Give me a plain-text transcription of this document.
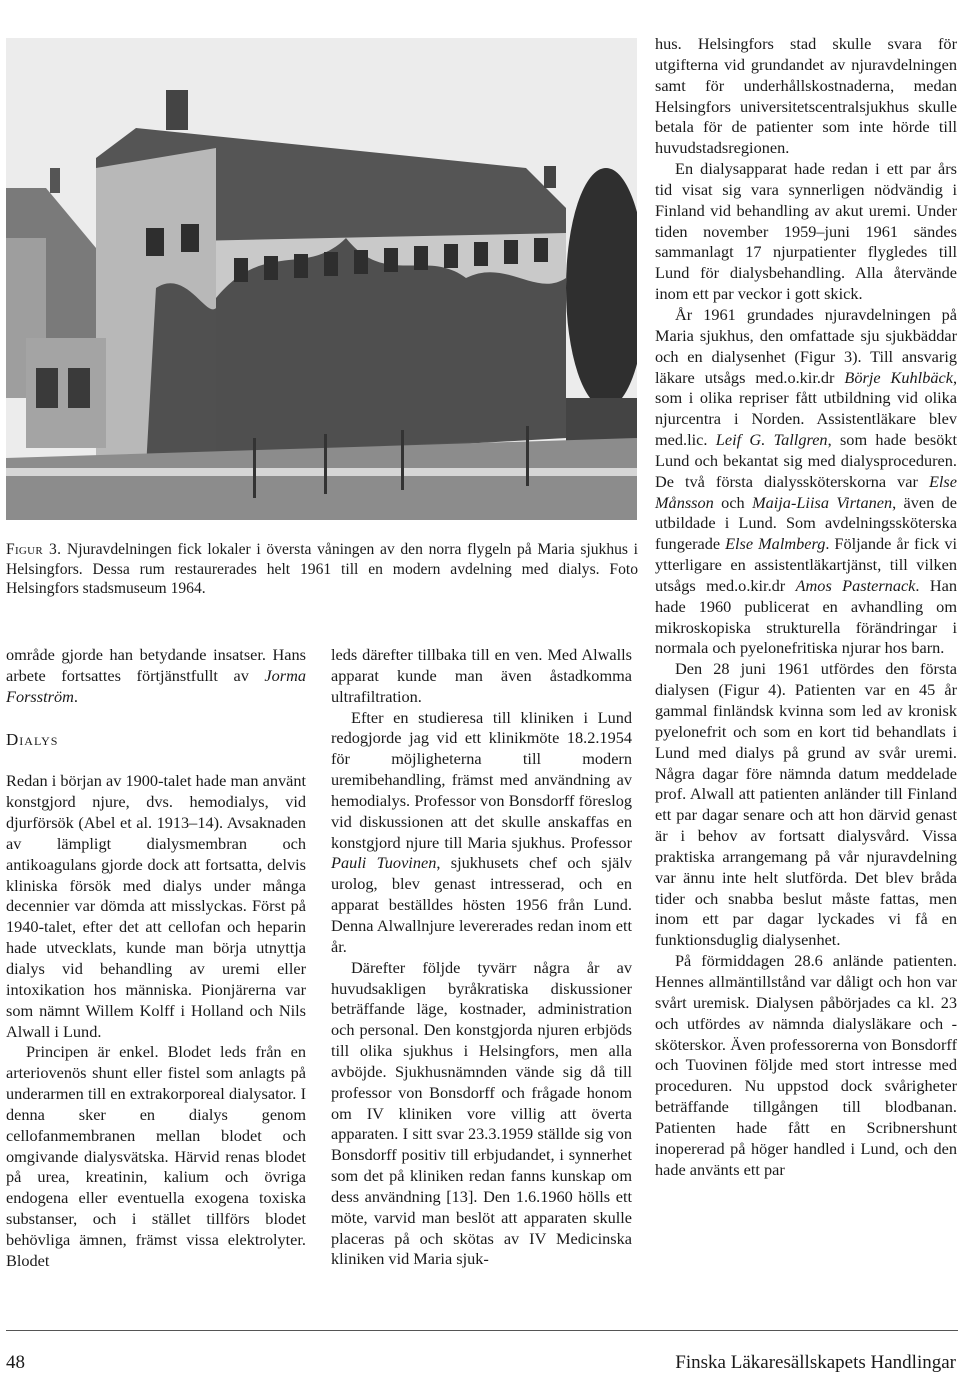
Figur 3. Njuravdelningen fick lokaler i översta våningen av den norra flygeln på Maria sjukhus i Helsingfors. Dessa rum restaurerades helt 1961 till en modern avdelning med dialys. Foto Helsingfors stadsmuseum 1964.

område gjorde han betydande insatser. Hans arbete fortsattes förtjänstfullt av Jorma Forsström.

Dialys

Redan i början av 1900-talet hade man använt konstgjord njure, dvs. hemodialys, vid djurförsök (Abel et al. 1913–14). Avsaknaden av lämpligt dialysmembran och antikoagulans gjorde dock att fortsatta, delvis kliniska försök med dialys under många decennier var dömda att misslyckas. Först på 1940-talet, efter det att cellofan och heparin hade utvecklats, kunde man börja utnyttja dialys vid behandling av uremi eller intoxikation hos människa. Pionjärerna var som nämnt Willem Kolff i Holland och Nils Alwall i Lund.

Principen är enkel. Blodet leds från en arteriovenös shunt eller fistel som anlagts på underarmen till en extrakorporeal dialysator. I denna sker en dialys genom cellofanmembranen mellan blodet och omgivande dialysvätska. Härvid renas blodet på urea, kreatinin, kalium och övriga endogena eller eventuella exogena toxiska substanser, och i stället tillförs blodet behövliga ämnen, främst vissa elektrolyter. Blodet

leds därefter tillbaka till en ven. Med Alwalls apparat kunde man även åstadkomma ultrafiltration.

Efter en studieresa till kliniken i Lund redogjorde jag vid ett klinikmöte 18.2.1954 för möjligheterna till modern uremibehandling, främst med användning av hemodialys. Professor von Bonsdorff föreslog vid diskussionen att det skulle anskaffas en konstgjord njure till Maria sjukhus. Professor Pauli Tuovinen, sjukhusets chef och själv urolog, blev genast intresserad, och en apparat beställdes hösten 1956 från Lund. Denna Alwallnjure levererades redan inom ett år.

Därefter följde tyvärr några år av huvudsakligen byråkratiska diskussioner beträffande läge, kostnader, administration och personal. Den konstgjorda njuren erbjöds till olika sjukhus i Helsingfors, men alla avböjde. Sjukhusnämnden vände sig då till professor von Bonsdorff och frågade honom om IV kliniken vore villig att överta apparaten. I sitt svar 23.3.1959 ställde sig von Bonsdorff positiv till erbjudandet, i synnerhet som det på kliniken redan fanns kunskap om dess användning [13]. Den 1.6.1960 hölls ett möte, varvid man beslöt att apparaten skulle placeras på och skötas av IV Medicinska kliniken vid Maria sjuk-

hus. Helsingfors stad skulle svara för utgifterna vid grundandet av njuravdelningen samt för underhållskostnaderna, medan Helsingfors universitetscentralsjukhus skulle betala för de patienter som inte hörde till huvudstadsregionen.

En dialysapparat hade redan i ett par års tid visat sig vara synnerligen nödvändig i Finland vid behandling av akut uremi. Under tiden november 1959–juni 1961 sändes sammanlagt 17 njurpatienter flygledes till Lund för dialysbehandling. Alla återvände inom ett par veckor i gott skick.

År 1961 grundades njuravdelningen på Maria sjukhus, den omfattade sju sjukbäddar och en dialysenhet (Figur 3). Till ansvarig läkare utsågs med.o.kir.dr Börje Kuhlbäck, som i olika repriser fått utbildning vid olika njurcentra i Norden. Assistentläkare blev med.lic. Leif G. Tallgren, som hade besökt Lund och bekantat sig med dialysproceduren. De två första dialyssköterskorna var Else Månsson och Maija-Liisa Virtanen, även de utbildade i Lund. Som avdelningssköterska fungerade Else Malmberg. Följande år fick vi ytterligare en assistentläkartjänst, till vilken utsågs med.o.kir.dr Amos Pasternack. Han hade 1960 publicerat en avhandling om mikroskopiska strukturella förändringar i normala och pyelonefritiska njurar hos barn.

Den 28 juni 1961 utfördes den första dialysen (Figur 4). Patienten var en 45 år gammal finländsk kvinna som led av kronisk pyelonefrit och som en kort tid behandlats i Lund med dialys på grund av svår uremi. Några dagar före nämnda datum meddelade prof. Alwall att patienten anländer till Finland ett par dagar senare och att hon därvid genast är i behov av fortsatt dialysvård. Vissa praktiska arrangemang på vår njuravdelning var ännu inte helt slutförda. Det blev bråda tider och snabba beslut måste fattas, men inom ett par dagar lyckades vi få en funktionsduglig dialysenhet.

På förmiddagen 28.6 anlände patienten. Hennes allmäntillstånd var dåligt och hon var svårt uremisk. Dialysen påbörjades ca kl. 23 och utfördes av nämnda dialysläkare och -sköterskor. Även professorerna von Bonsdorff och Tuovinen följde med stort intresse med proceduren. Nu uppstod dock svårigheter beträffande tillgången till blodbanan. Patienten hade fått en Scribnershunt inopererad på höger handled i Lund, och den hade använts ett par

48	Finska Läkaresällskapets Handlingar
